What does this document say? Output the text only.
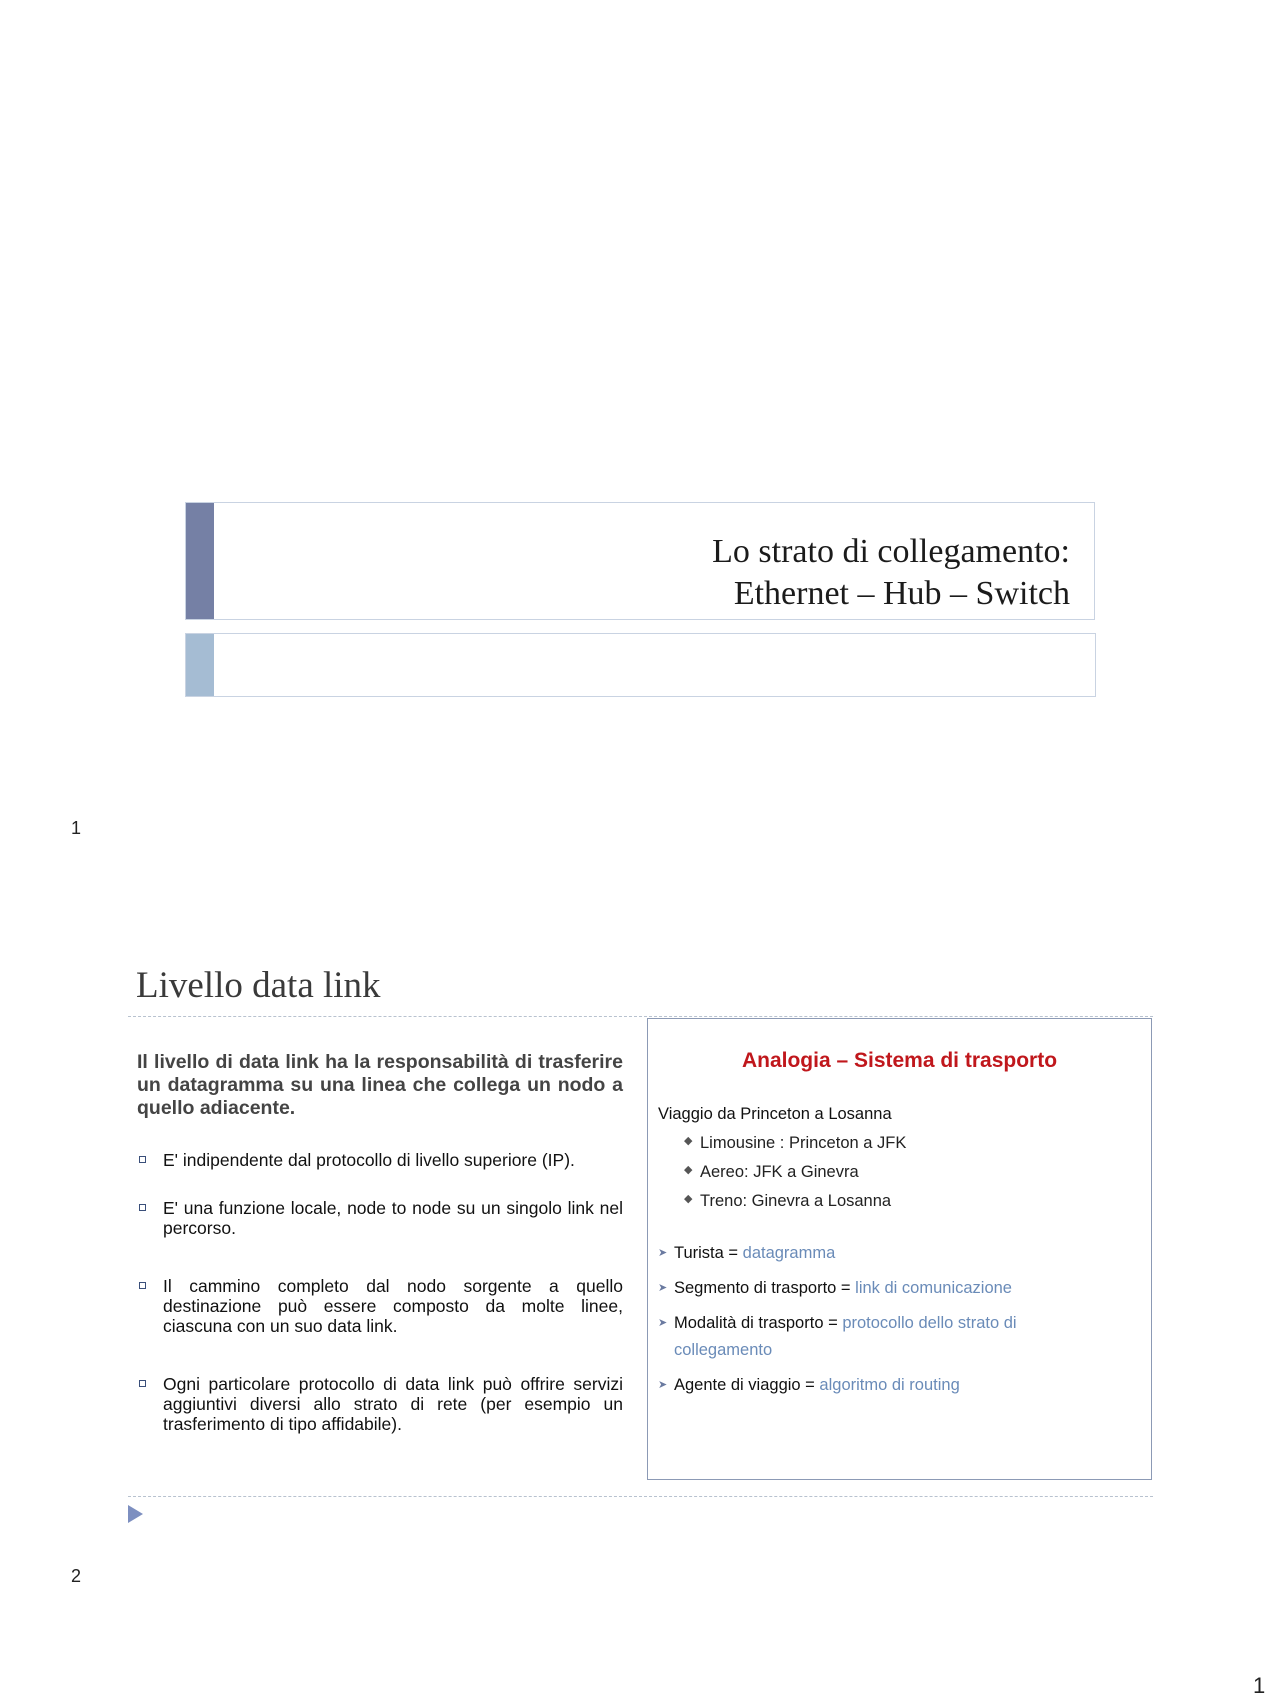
Lo strato di collegamento:
Ethernet – Hub – Switch
1
Livello data link
Il livello di data link ha la responsabilità di trasferire un datagramma su una linea che collega un nodo a quello adiacente.
E' indipendente dal protocollo di livello superiore (IP).
E' una funzione locale, node to node su un singolo link nel percorso.
Il cammino completo dal nodo sorgente a quello destinazione può essere composto da molte linee, ciascuna con un suo data link.
Ogni particolare protocollo di data link può offrire servizi aggiuntivi diversi allo strato di rete (per esempio un trasferimento di tipo affidabile).
Analogia – Sistema di trasporto
Viaggio da Princeton a Losanna
◆ Limousine : Princeton a JFK
◆ Aereo: JFK a Ginevra
◆ Treno: Ginevra a Losanna
➤ Turista = datagramma
➤ Segmento di trasporto = link di comunicazione
➤ Modalità di trasporto = protocollo dello strato di collegamento
➤ Agente di viaggio = algoritmo di routing
2
1
